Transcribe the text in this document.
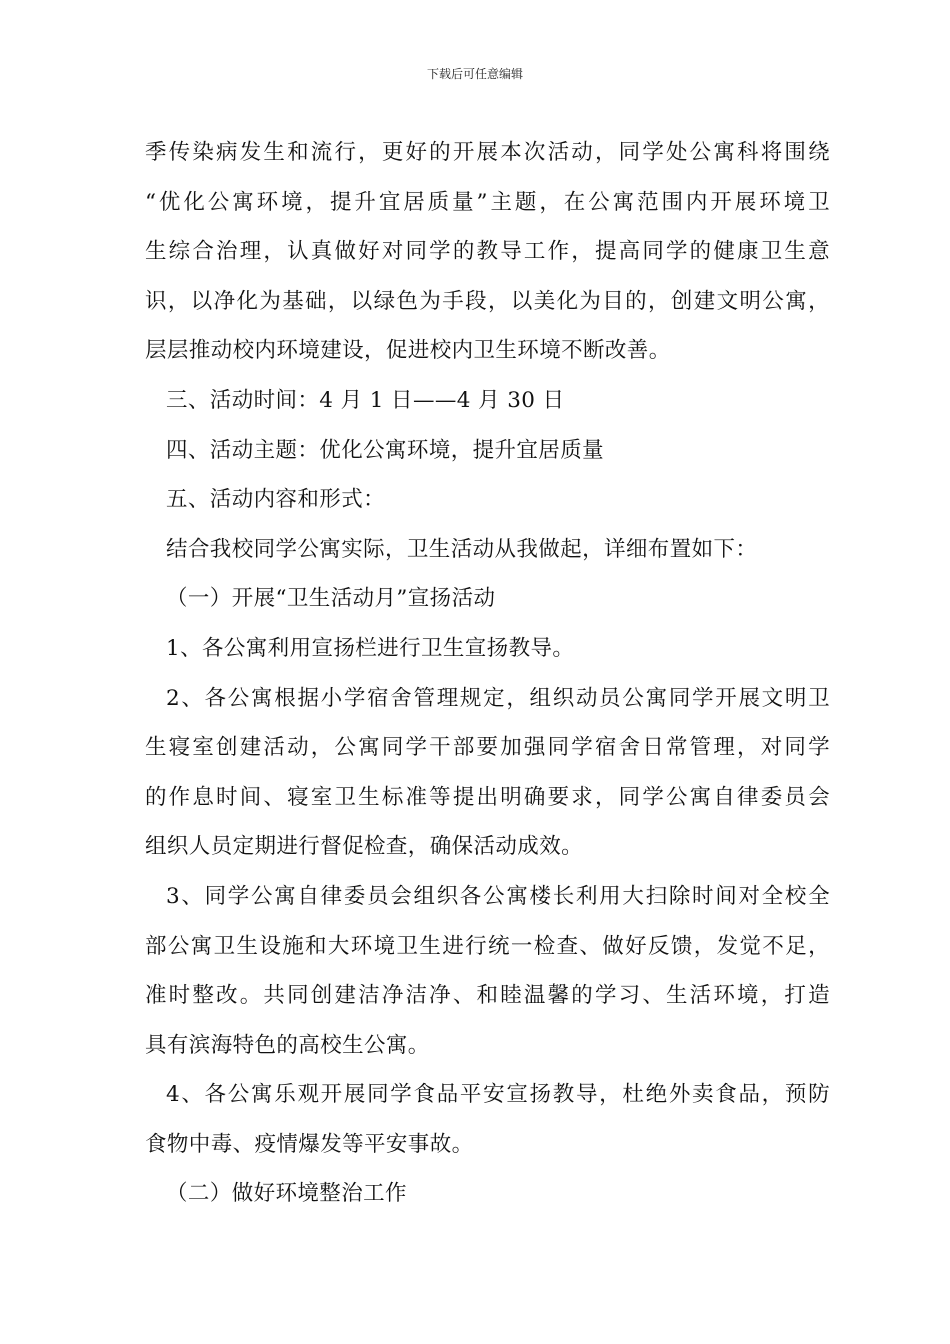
下载后可任意编辑
季传染病发生和流行，更好的开展本次活动，同学处公寓科将围绕
“优化公寓环境，提升宜居质量”主题，在公寓范围内开展环境卫
生综合治理，认真做好对同学的教导工作，提高同学的健康卫生意
识，以净化为基础，以绿色为手段，以美化为目的，创建文明公寓，
层层推动校内环境建设，促进校内卫生环境不断改善。
三、活动时间：4 月 1 日——4 月 30 日
四、活动主题：优化公寓环境，提升宜居质量
五、活动内容和形式：
结合我校同学公寓实际，卫生活动从我做起，详细布置如下：
（一）开展“卫生活动月”宣扬活动
1、各公寓利用宣扬栏进行卫生宣扬教导。
2、各公寓根据小学宿舍管理规定，组织动员公寓同学开展文明卫
生寝室创建活动，公寓同学干部要加强同学宿舍日常管理，对同学
的作息时间、寝室卫生标准等提出明确要求，同学公寓自律委员会
组织人员定期进行督促检查，确保活动成效。
3、同学公寓自律委员会组织各公寓楼长利用大扫除时间对全校全
部公寓卫生设施和大环境卫生进行统一检查、做好反馈，发觉不足，
准时整改。共同创建洁净洁净、和睦温馨的学习、生活环境，打造
具有滨海特色的高校生公寓。
4、各公寓乐观开展同学食品平安宣扬教导，杜绝外卖食品，预防
食物中毒、疫情爆发等平安事故。
（二）做好环境整治工作
